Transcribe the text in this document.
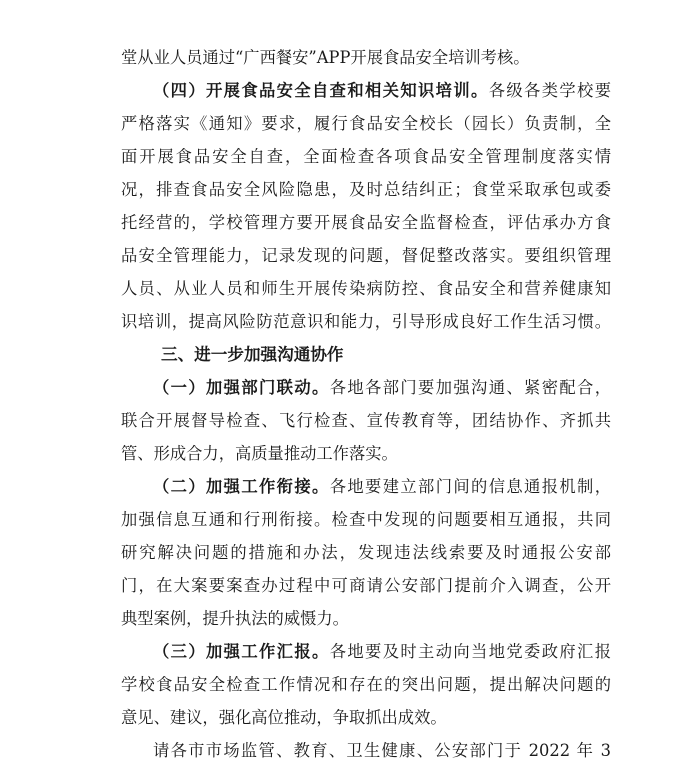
堂从业人员通过“广西餐安”APP开展食品安全培训考核。
（四）开展食品安全自查和相关知识培训。各级各类学校要
严格落实《通知》要求，履行食品安全校长（园长）负责制，全
面开展食品安全自查，全面检查各项食品安全管理制度落实情
况，排查食品安全风险隐患，及时总结纠正；食堂采取承包或委
托经营的，学校管理方要开展食品安全监督检查，评估承办方食
品安全管理能力，记录发现的问题，督促整改落实。要组织管理
人员、从业人员和师生开展传染病防控、食品安全和营养健康知
识培训，提高风险防范意识和能力，引导形成良好工作生活习惯。
三、进一步加强沟通协作
（一）加强部门联动。各地各部门要加强沟通、紧密配合，
联合开展督导检查、飞行检查、宣传教育等，团结协作、齐抓共
管、形成合力，高质量推动工作落实。
（二）加强工作衔接。各地要建立部门间的信息通报机制，
加强信息互通和行刑衔接。检查中发现的问题要相互通报，共同
研究解决问题的措施和办法，发现违法线索要及时通报公安部
门，在大案要案查办过程中可商请公安部门提前介入调查，公开
典型案例，提升执法的威慑力。
（三）加强工作汇报。各地要及时主动向当地党委政府汇报
学校食品安全检查工作情况和存在的突出问题，提出解决问题的
意见、建议，强化高位推动，争取抓出成效。
请各市市场监管、教育、卫生健康、公安部门于 2022 年 3
